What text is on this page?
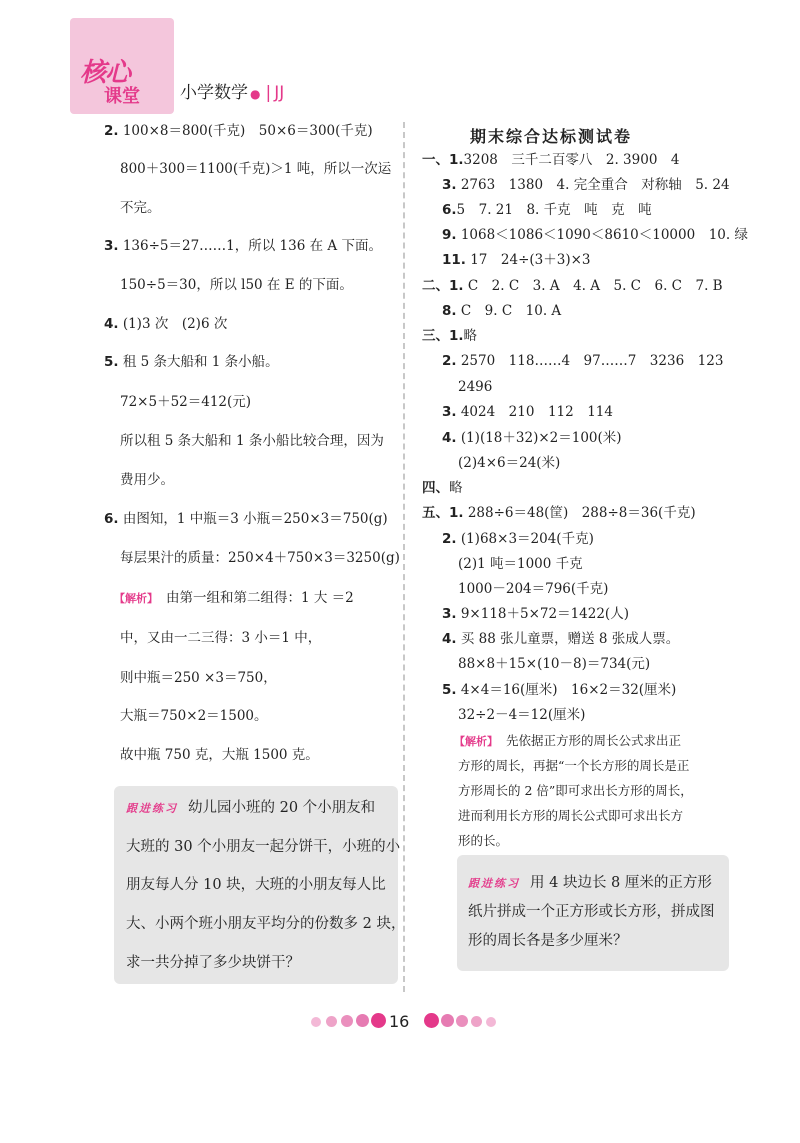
核心
课堂 小学数学 ● | JJ
2. 100×8＝800(千克)　50×6＝300(千克)
800＋300＝1100(千克)＞1 吨，所以一次运
不完。
3. 136÷5＝27……1，所以 136 在 A 下面。
150÷5＝30，所以 l50 在 E 的下面。
4. (1)3 次　(2)6 次
5. 租 5 条大船和 1 条小船。
72×5＋52＝412(元)
所以租 5 条大船和 1 条小船比较合理，因为
费用少。
6. 由图知，1 中瓶＝3 小瓶＝250×3＝750(g)
每层果汁的质量：250×4＋750×3＝3250(g)
【解析】 由第一组和第二组得：1 大 ＝2
中，又由一二三得：3 小＝1 中，
则中瓶＝250 ×3＝750，
大瓶＝750×2＝1500。
故中瓶 750 克，大瓶 1500 克。
跟进练习 幼儿园小班的 20 个小朋友和
大班的 30 个小朋友一起分饼干，小班的小
朋友每人分 10 块，大班的小朋友每人比
大、小两个班小朋友平均分的份数多 2 块，
求一共分掉了多少块饼干？
期末综合达标测试卷
一、1.3208　三千二百零八　2. 3900　4
3. 2763　1380　4. 完全重合　对称轴　5. 24
6.5　7. 21　8. 千克　吨　克　吨
9. 1068＜1086＜1090＜8610＜10000　10. 绿
11. 17　24÷(3＋3)×3
二、1. C　2. C　3. A　4. A　5. C　6. C　7. B
8. C　9. C　10. A
三、1.略
2. 2570　118……4　97……7　3236　123
2496
3. 4024　210　112　114
4. (1)(18＋32)×2＝100(米)
(2)4×6＝24(米)
四、略
五、1. 288÷6＝48(筐)　288÷8＝36(千克)
2. (1)68×3＝204(千克)
(2)1 吨＝1000 千克
1000－204＝796(千克)
3. 9×118＋5×72＝1422(人)
4. 买 88 张儿童票，赠送 8 张成人票。
88×8＋15×(10－8)＝734(元)
5. 4×4＝16(厘米)　16×2＝32(厘米)
32÷2－4＝12(厘米)
【解析】 先依据正方形的周长公式求出正
方形的周长，再据“一个长方形的周长是正
方形周长的 2 倍”即可求出长方形的周长，
进而利用长方形的周长公式即可求出长方
形的长。
跟进练习 用 4 块边长 8 厘米的正方形
纸片拼成一个正方形或长方形，拼成图
形的周长各是多少厘米？
16
